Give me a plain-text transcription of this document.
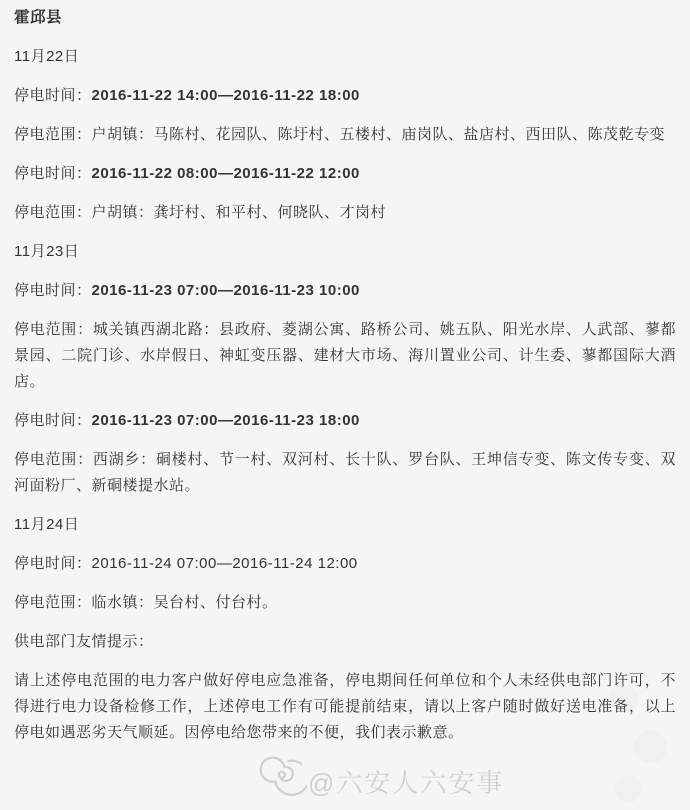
霍邱县

11月22日

停电时间：2016-11-22 14:00—2016-11-22 18:00

停电范围：户胡镇：马陈村、花园队、陈圩村、五楼村、庙岗队、盐店村、西田队、陈茂乾专变

停电时间：2016-11-22 08:00—2016-11-22 12:00

停电范围：户胡镇：龚圩村、和平村、何晓队、才岗村

11月23日

停电时间：2016-11-23 07:00—2016-11-23 10:00

停电范围：城关镇西湖北路：县政府、菱湖公寓、路桥公司、姚五队、阳光水岸、人武部、蓼都景园、二院门诊、水岸假日、神虹变压器、建材大市场、海川置业公司、计生委、蓼都国际大酒店。

停电时间：2016-11-23 07:00—2016-11-23 18:00

停电范围：西湖乡：硐楼村、节一村、双河村、长十队、罗台队、王坤信专变、陈文传专变、双河面粉厂、新硐楼提水站。

11月24日

停电时间：2016-11-24 07:00—2016-11-24 12:00

停电范围：临水镇：吴台村、付台村。

供电部门友情提示：

请上述停电范围的电力客户做好停电应急准备，停电期间任何单位和个人未经供电部门许可，不得进行电力设备检修工作，上述停电工作有可能提前结束，请以上客户随时做好送电准备，以上停电如遇恶劣天气顺延。因停电给您带来的不便，我们表示歉意。

@六安人六安事
